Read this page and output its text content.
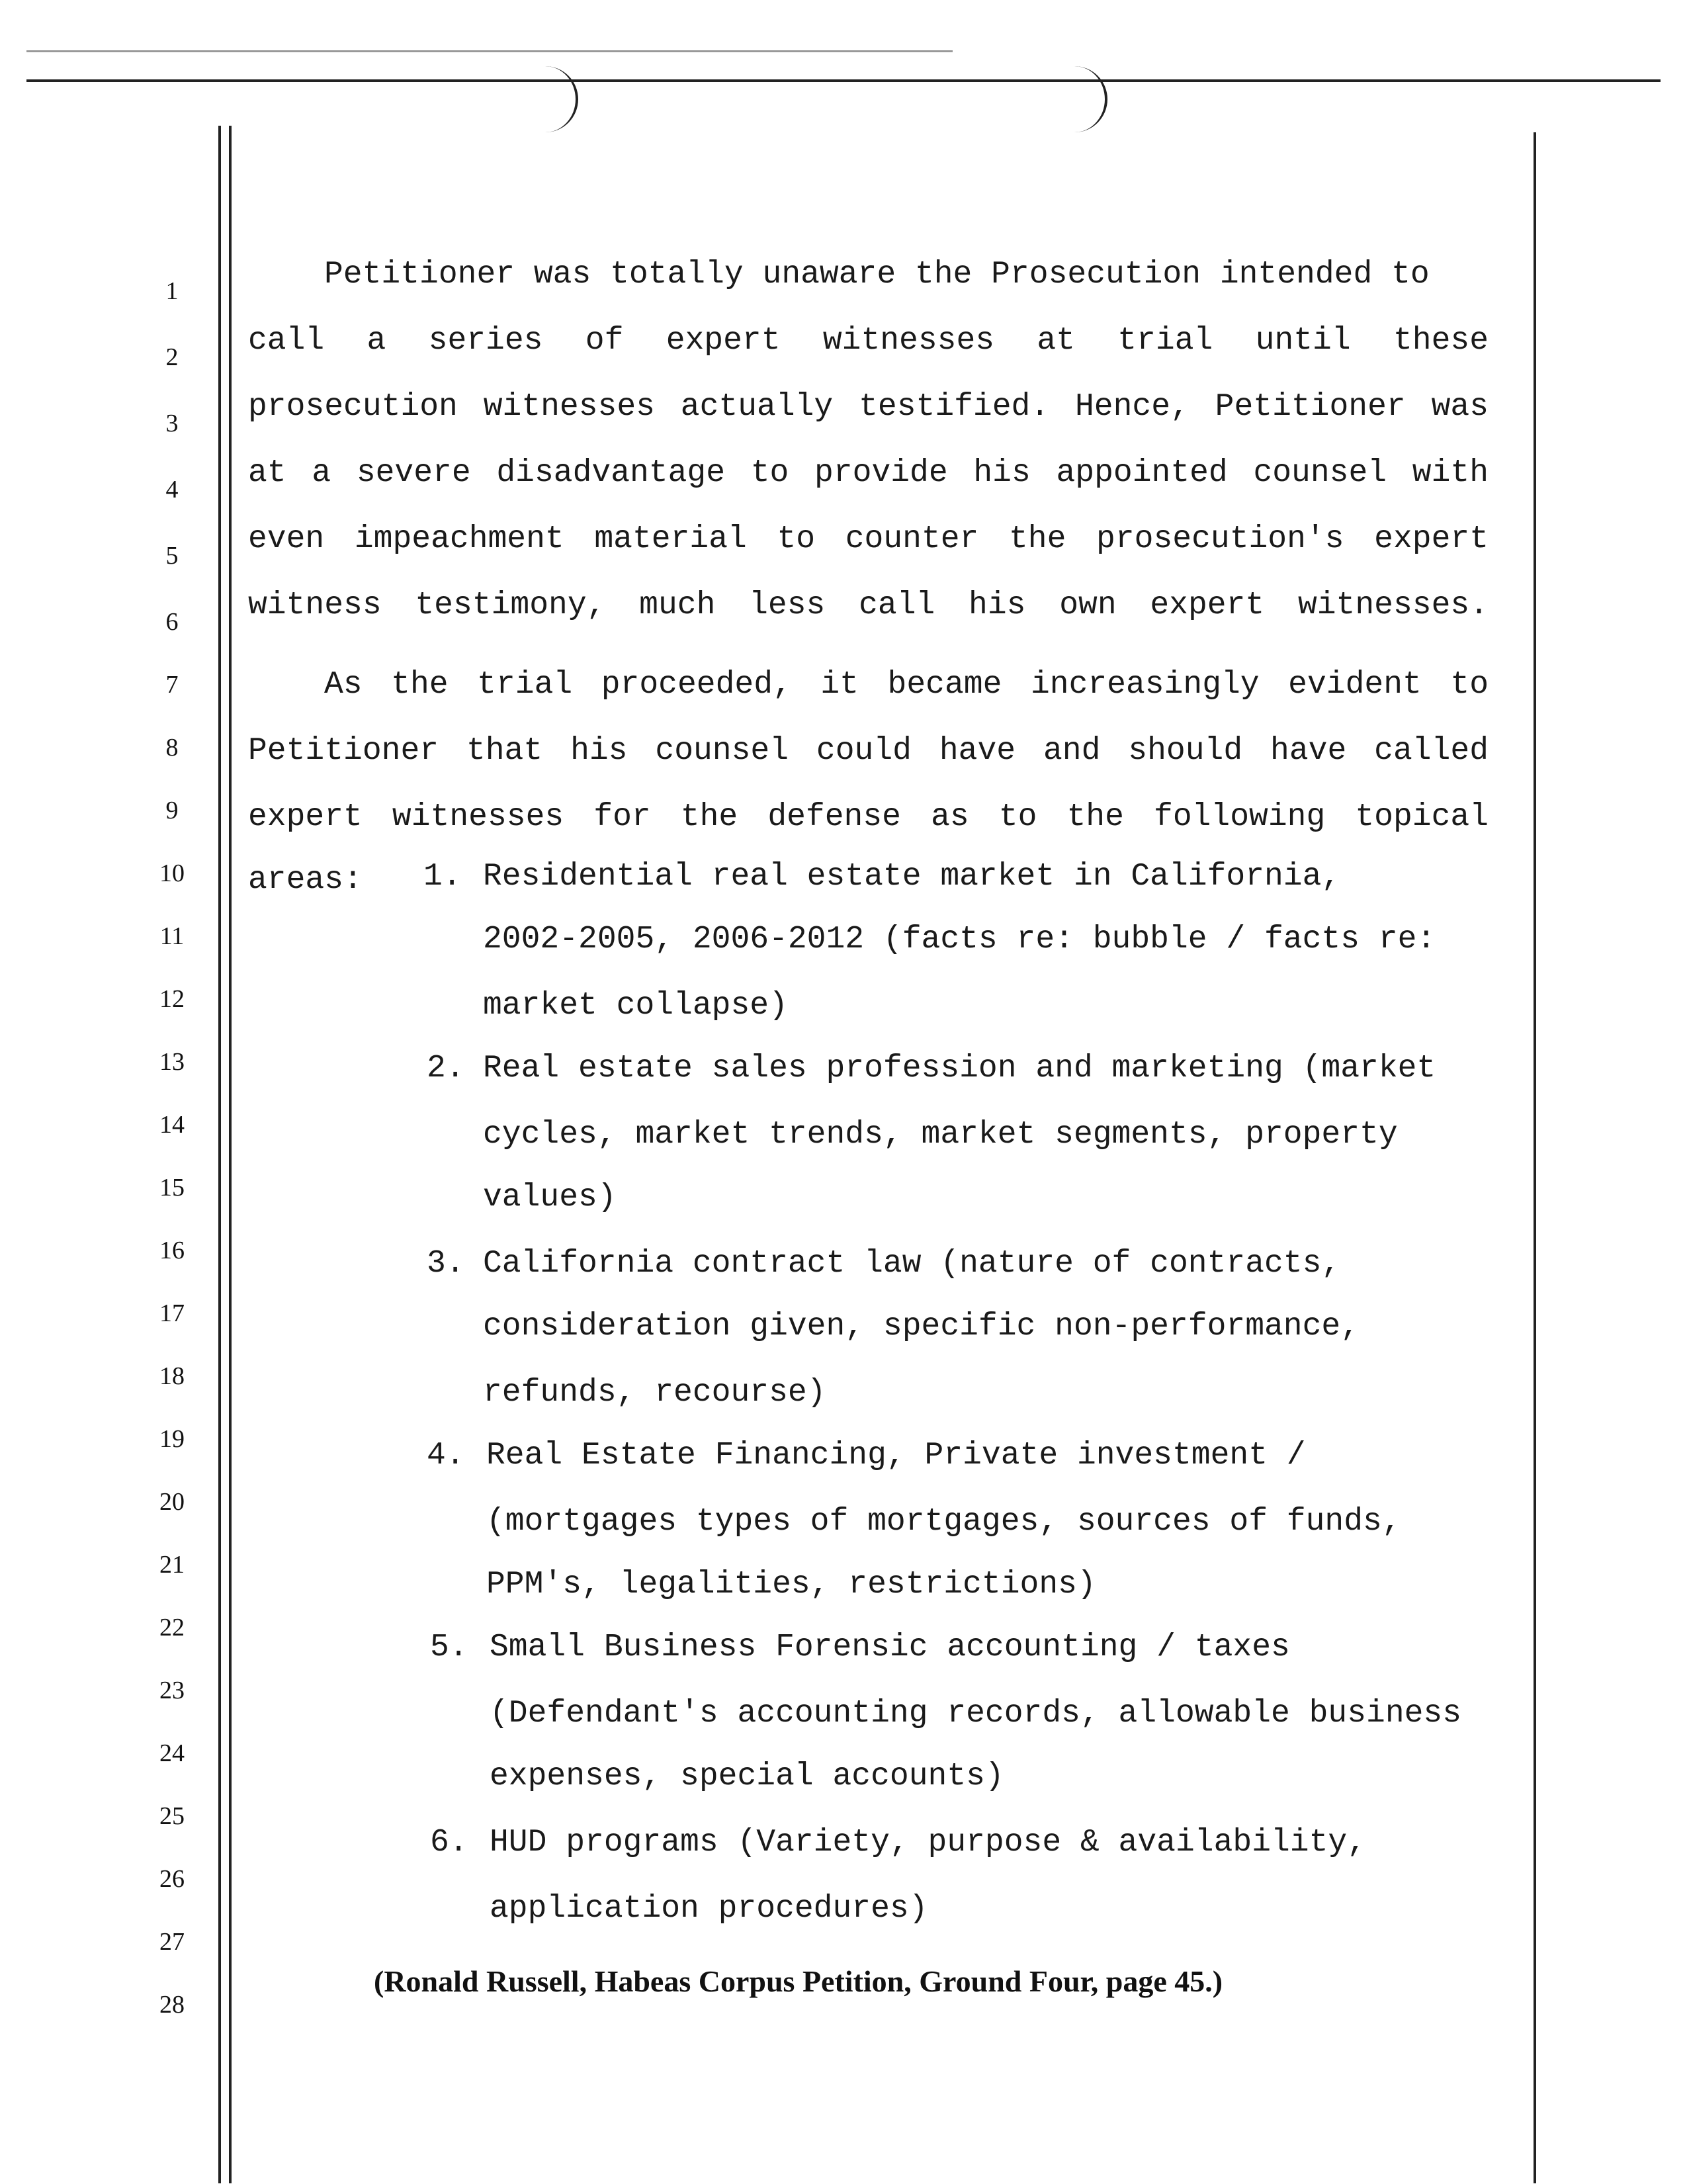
1
2
3
4
5
6
7
8
9
10
11
12
13
14
15
16
17
18
19
20
21
22
23
24
25
26
27
28
Petitioner was totally unaware the Prosecution intended to
call a series of expert witnesses at trial until these
prosecution witnesses actually testified. Hence, Petitioner was
at a severe disadvantage to provide his appointed counsel with
even impeachment material to counter the prosecution's expert
witness testimony, much less call his own expert witnesses.
As the trial proceeded, it became increasingly evident to
Petitioner that his counsel could have and should have called
expert witnesses for the defense as to the following topical
areas: 1. Residential real estate market in California,
2002-2005, 2006-2012 (facts re: bubble / facts re:
market collapse)
2. Real estate sales profession and marketing (market
cycles, market trends, market segments, property
values)
3. California contract law (nature of contracts,
consideration given, specific non-performance,
refunds, recourse)
4. Real Estate Financing, Private investment /
(mortgages types of mortgages, sources of funds,
PPM's, legalities, restrictions)
5. Small Business Forensic accounting / taxes
(Defendant's accounting records, allowable business
expenses, special accounts)
6. HUD programs (Variety, purpose & availability,
application procedures)
(Ronald Russell, Habeas Corpus Petition, Ground Four, page 45.)
